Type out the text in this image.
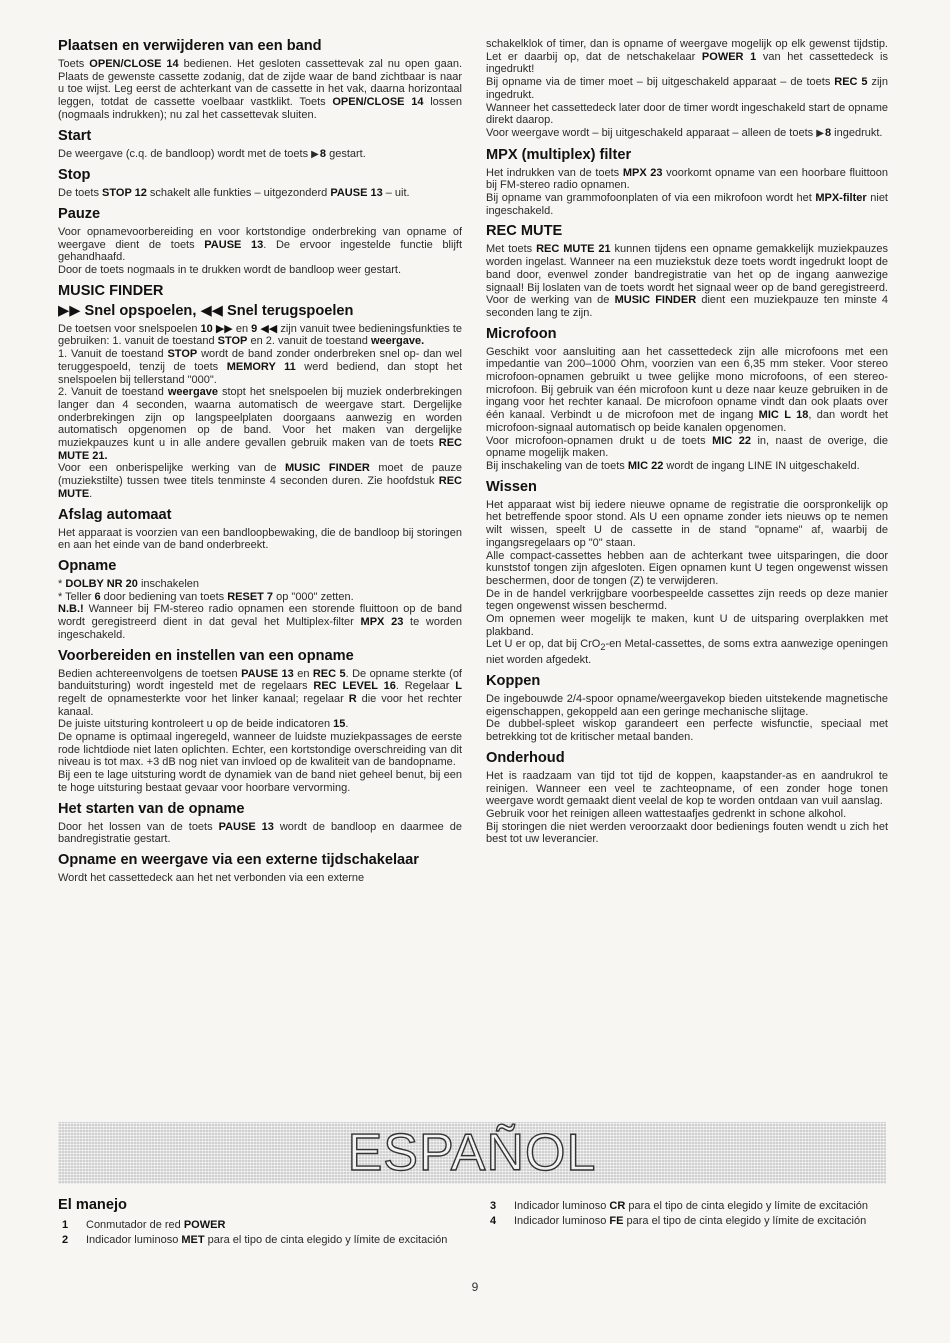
Plaatsen en verwijderen van een band

Toets OPEN/CLOSE 14 bedienen. Het gesloten cassettevak zal nu open gaan. Plaats de gewenste cassette zodanig, dat de zijde waar de band zichtbaar is naar u toe wijst. Leg eerst de achterkant van de cassette in het vak, daarna horizontaal leggen, totdat de cassette voelbaar vastklikt. Toets OPEN/CLOSE 14 lossen (nogmaals indrukken); nu zal het cassettevak sluiten.

Start

De weergave (c.q. de bandloop) wordt met de toets ▶ 8 gestart.

Stop

De toets STOP 12 schakelt alle funkties – uitgezonderd PAUSE 13 – uit.

Pauze

Voor opnamevoorbereiding en voor kortstondige onderbreking van opname of weergave dient de toets PAUSE 13. De ervoor ingestelde functie blijft gehandhaafd.
Door de toets nogmaals in te drukken wordt de bandloop weer gestart.

MUSIC FINDER
▶▶ Snel opspoelen, ◀◀ Snel terugspoelen

De toetsen voor snelspoelen 10 ▶▶ en 9 ◀◀ zijn vanuit twee bedieningsfunkties te gebruiken: 1. vanuit de toestand STOP en 2. vanuit de toestand weergave.
1. Vanuit de toestand STOP wordt de band zonder onderbreken snel op- dan wel teruggespoeld, tenzij de toets MEMORY 11 werd bediend, dan stopt het snelspoelen bij tellerstand "000".
2. Vanuit de toestand weergave stopt het snelspoelen bij muziek onderbrekingen langer dan 4 seconden, waarna automatisch de weergave start. Dergelijke onderbrekingen zijn op langspeelplaten doorgaans aanwezig en worden automatisch opgenomen op de band. Voor het maken van dergelijke muziekpauzes kunt u in alle andere gevallen gebruik maken van de toets REC MUTE 21.
Voor een onberispelijke werking van de MUSIC FINDER moet de pauze (muziekstilte) tussen twee titels tenminste 4 seconden duren. Zie hoofdstuk REC MUTE.

Afslag automaat

Het apparaat is voorzien van een bandloopbewaking, die de bandloop bij storingen en aan het einde van de band onderbreekt.

Opname

* DOLBY NR 20 inschakelen
* Teller 6 door bediening van toets RESET 7 op "000" zetten.
N.B.! Wanneer bij FM-stereo radio opnamen een storende fluittoon op de band wordt geregistreerd dient in dat geval het Multiplex-filter MPX 23 te worden ingeschakeld.

Voorbereiden en instellen van een opname

Bedien achtereenvolgens de toetsen PAUSE 13 en REC 5. De opname sterkte (of banduitsturing) wordt ingesteld met de regelaars REC LEVEL 16. Regelaar L regelt de opnamesterkte voor het linker kanaal; regelaar R die voor het rechter kanaal.
De juiste uitsturing kontroleert u op de beide indicatoren 15.
De opname is optimaal ingeregeld, wanneer de luidste muziekpassages de eerste rode lichtdiode niet laten oplichten. Echter, een kortstondige overschreiding van dit niveau is tot max. +3 dB nog niet van invloed op de kwaliteit van de bandopname.
Bij een te lage uitsturing wordt de dynamiek van de band niet geheel benut, bij een te hoge uitsturing bestaat gevaar voor hoorbare vervorming.

Het starten van de opname

Door het lossen van de toets PAUSE 13 wordt de bandloop en daarmee de bandregistratie gestart.

Opname en weergave via een externe tijdschakelaar

Wordt het cassettedeck aan het net verbonden via een externe

schakelklok of timer, dan is opname of weergave mogelijk op elk gewenst tijdstip. Let er daarbij op, dat de netschakelaar POWER 1 van het cassettedeck is ingedrukt!
Bij opname via de timer moet – bij uitgeschakeld apparaat – de toets REC 5 zijn ingedrukt.
Wanneer het cassettedeck later door de timer wordt ingeschakeld start de opname direkt daarop.
Voor weergave wordt – bij uitgeschakeld apparaat – alleen de toets ▶ 8 ingedrukt.

MPX (multiplex) filter

Het indrukken van de toets MPX 23 voorkomt opname van een hoorbare fluittoon bij FM-stereo radio opnamen.
Bij opname van grammofoonplaten of via een mikrofoon wordt het MPX-filter niet ingeschakeld.

REC MUTE

Met toets REC MUTE 21 kunnen tijdens een opname gemakkelijk muziekpauzes worden ingelast. Wanneer na een muziekstuk deze toets wordt ingedrukt loopt de band door, evenwel zonder bandregistratie van het op de ingang aanwezige signaal! Bij loslaten van de toets wordt het signaal weer op de band geregistreerd. Voor de werking van de MUSIC FINDER dient een muziekpauze ten minste 4 seconden lang te zijn.

Microfoon

Geschikt voor aansluiting aan het cassettedeck zijn alle microfoons met een impedantie van 200–1000 Ohm, voorzien van een 6,35 mm steker. Voor stereo microfoon-opnamen gebruikt u twee gelijke mono microfoons, of een stereo-microfoon. Bij gebruik van één microfoon kunt u deze naar keuze gebruiken in de ingang voor het rechter kanaal. De microfoon opname vindt dan ook plaats over één kanaal. Verbindt u de microfoon met de ingang MIC L 18, dan wordt het microfoon-signaal automatisch op beide kanalen opgenomen.
Voor microfoon-opnamen drukt u de toets MIC 22 in, naast de overige, die opname mogelijk maken.
Bij inschakeling van de toets MIC 22 wordt de ingang LINE IN uitgeschakeld.

Wissen

Het apparaat wist bij iedere nieuwe opname de registratie die oorspronkelijk op het betreffende spoor stond. Als U een opname zonder iets nieuws op te nemen wilt wissen, speelt U de cassette in de stand "opname" af, waarbij de ingangsregelaars op "0" staan.
Alle compact-cassettes hebben aan de achterkant twee uitsparingen, die door kunststof tongen zijn afgesloten. Eigen opnamen kunt U tegen ongewenst wissen beschermen, door de tongen (Z) te verwijderen.
De in de handel verkrijgbare voorbespeelde cassettes zijn reeds op deze manier tegen ongewenst wissen beschermd.
Om opnemen weer mogelijk te maken, kunt U de uitsparing overplakken met plakband.
Let U er op, dat bij CrO$_2$-en Metal-cassettes, de soms extra aanwezige openingen niet worden afgedekt.

Koppen

De ingebouwde 2/4-spoor opname/weergavekop bieden uitstekende magnetische eigenschappen, gekoppeld aan een geringe mechanische slijtage.
De dubbel-spleet wiskop garandeert een perfecte wisfunctie, speciaal met betrekking tot de kritischer metaal banden.

Onderhoud

Het is raadzaam van tijd tot tijd de koppen, kaapstander-as en aandrukrol te reinigen. Wanneer een veel te zachteopname, of een zonder hoge tonen weergave wordt gemaakt dient veelal de kop te worden ontdaan van vuil aanslag.
Gebruik voor het reinigen alleen wattestaafjes gedrenkt in schone alkohol.
Bij storingen die niet werden veroorzaakt door bedienings fouten wendt u zich het best tot uw leverancier.

ESPAÑOL
El manejo
1	Conmutador de red POWER
2	Indicador luminoso MET para el tipo de cinta elegido y límite de excitación
3	Indicador luminoso CR para el tipo de cinta elegido y límite de excitación
4	Indicador luminoso FE para el tipo de cinta elegido y límite de excitación
9
